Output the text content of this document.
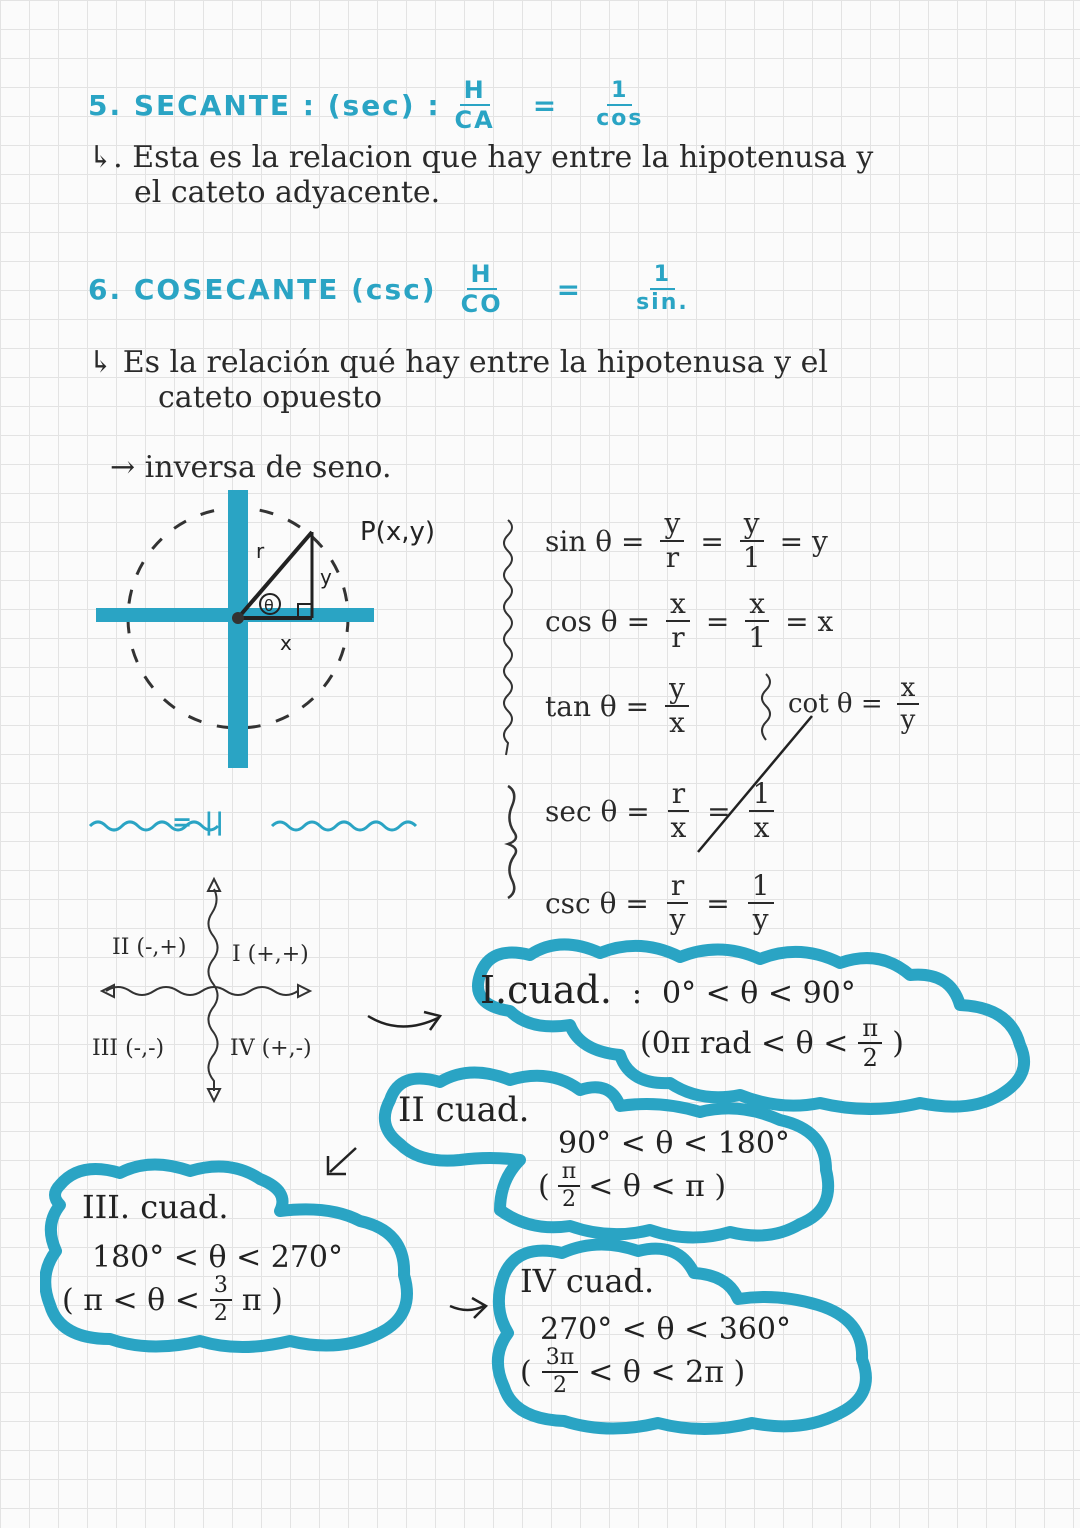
5. SECANTE : (sec) : $\frac{H}{CA} = \frac{1}{\cos}$
↳. Esta es la relacion que hay entre la hipotenusa y
el cateto adyacente.
6. COSECANTE $(\csc) \frac{H}{CO} = \frac{1}{\sin.}$
↳ Es la relación qué hay entre la hipotenusa y el
cateto opuesto
→ inversa de seno.
θ
r
y
x
P(x,y)	$\sin \theta = \frac{y}{r} = \frac{y}{1} = y$
$\cos \theta = \frac{x}{r} = \frac{x}{1} = x$
$\tan \theta = \frac{y}{x}$	$\cot \theta = \frac{x}{y}$
$\sec \theta = \frac{r}{x} = \frac{1}{x}$
$\csc \theta = \frac{r}{y} = \frac{1}{y}$
= ||
II (-,+) I (+,+)
III (-,-)	IV (+,-)
I.cuad. : 0° < θ < 90°
(0π rad < $\theta < \frac{\pi}{2}$ )
II cuad.
90° < θ < 180°
( $\frac{\pi}{2} < \theta < \pi$ )
III. cuad.
180° < θ < 270°
( $\pi < \theta < \frac{3}{2}$ π )	IV cuad.
270° < θ < 360°
( $\frac{3\pi}{2} < \theta < 2\pi$ )
